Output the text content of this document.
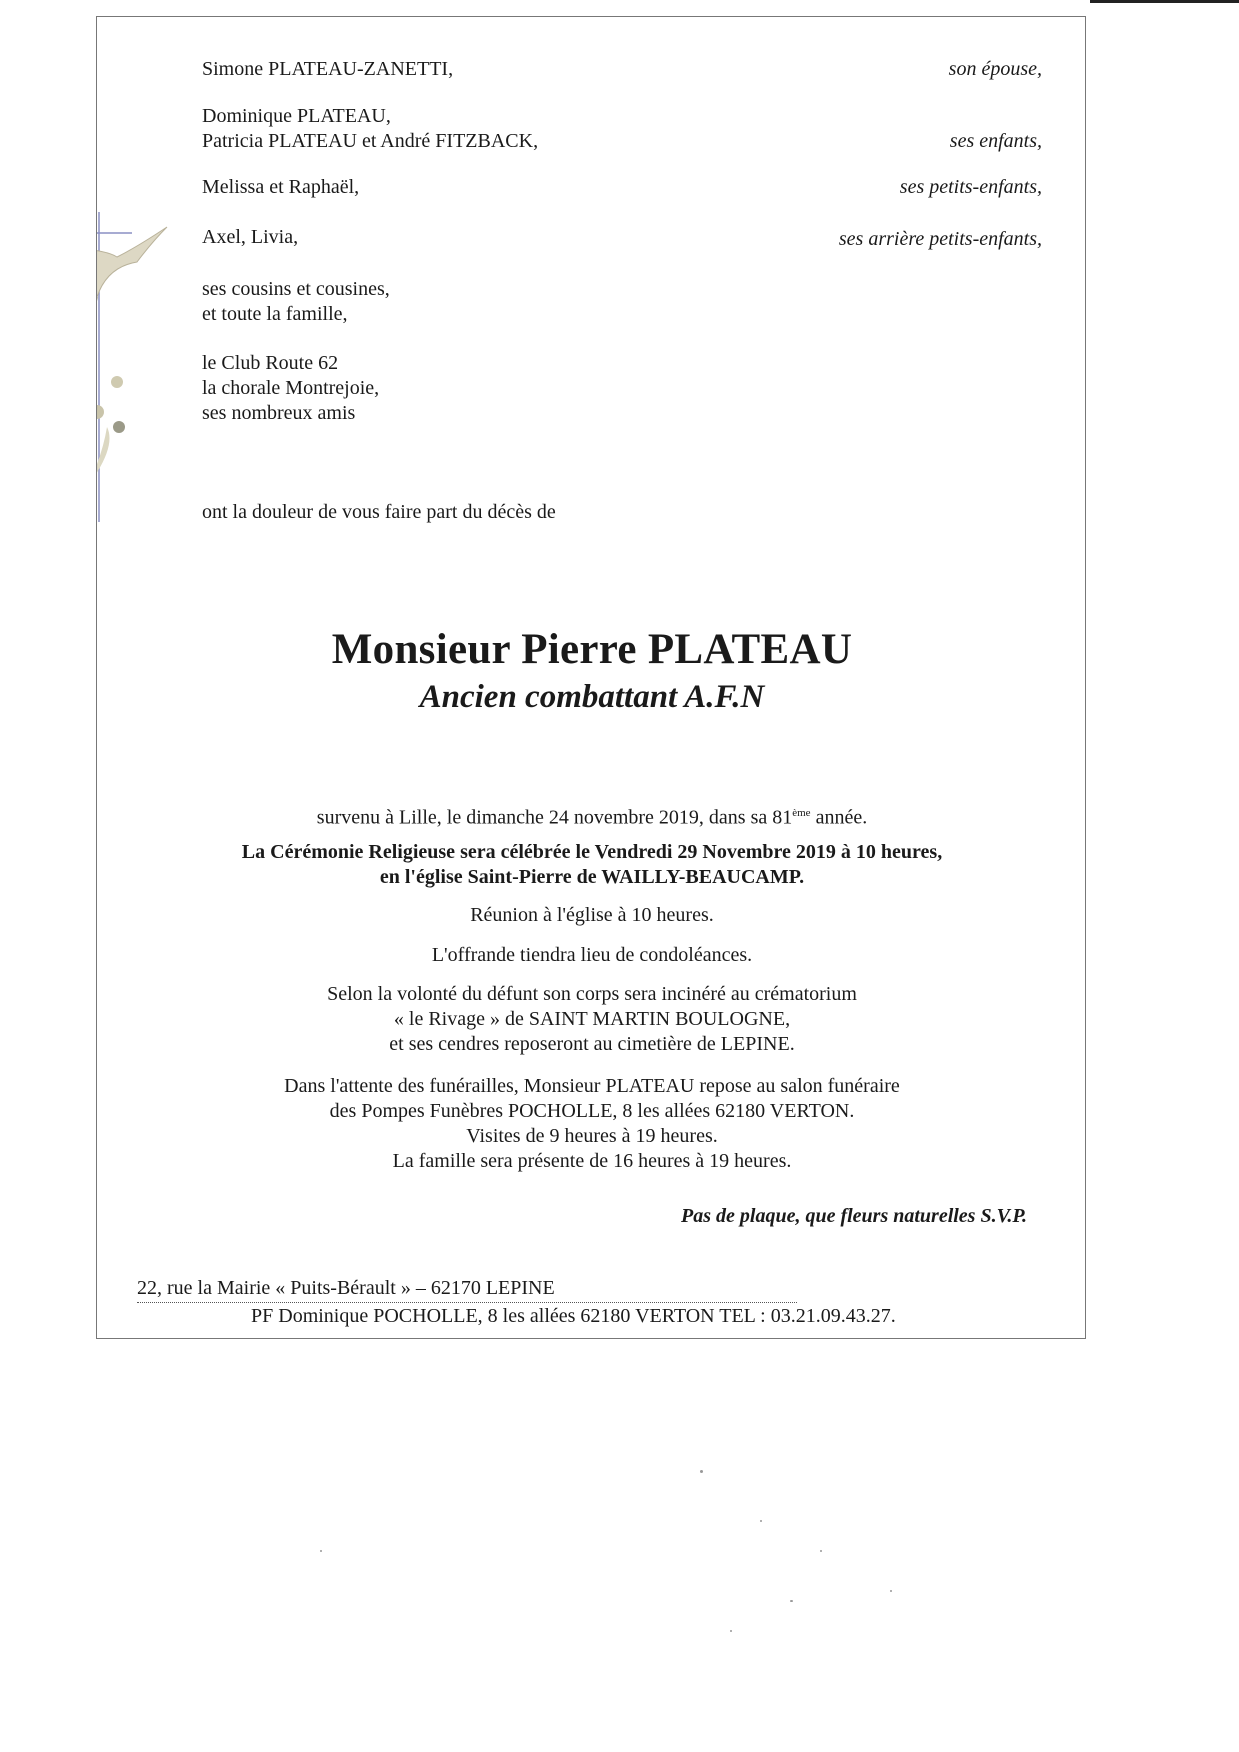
Simone PLATEAU-ZANETTI,	son épouse,
Dominique PLATEAU,
Patricia PLATEAU et André FITZBACK,	ses enfants,
Melissa et Raphaël,	ses petits-enfants,
Axel, Livia,	ses arrière petits-enfants,
ses cousins et cousines,
et toute la famille,
le Club Route 62
la chorale Montrejoie,
ses nombreux amis
ont la douleur de vous faire part du décès de
Monsieur Pierre PLATEAU
Ancien combattant A.F.N
survenu à Lille, le dimanche 24 novembre 2019, dans sa 81ème année.
La Cérémonie Religieuse sera célébrée le Vendredi 29 Novembre 2019 à 10 heures,
en l'église Saint-Pierre de WAILLY-BEAUCAMP.
Réunion à l'église à 10 heures.
L'offrande tiendra lieu de condoléances.
Selon la volonté du défunt son corps sera incinéré au crématorium
« le Rivage » de SAINT MARTIN BOULOGNE,
et ses cendres reposeront au cimetière de LEPINE.
Dans l'attente des funérailles, Monsieur PLATEAU repose au salon funéraire
des Pompes Funèbres POCHOLLE, 8 les allées 62180 VERTON.
Visites de 9 heures à 19 heures.
La famille sera présente de 16 heures à 19 heures.
Pas de plaque, que fleurs naturelles S.V.P.
22, rue la Mairie « Puits-Bérault » – 62170 LEPINE
PF Dominique POCHOLLE, 8 les allées 62180 VERTON TEL : 03.21.09.43.27.
